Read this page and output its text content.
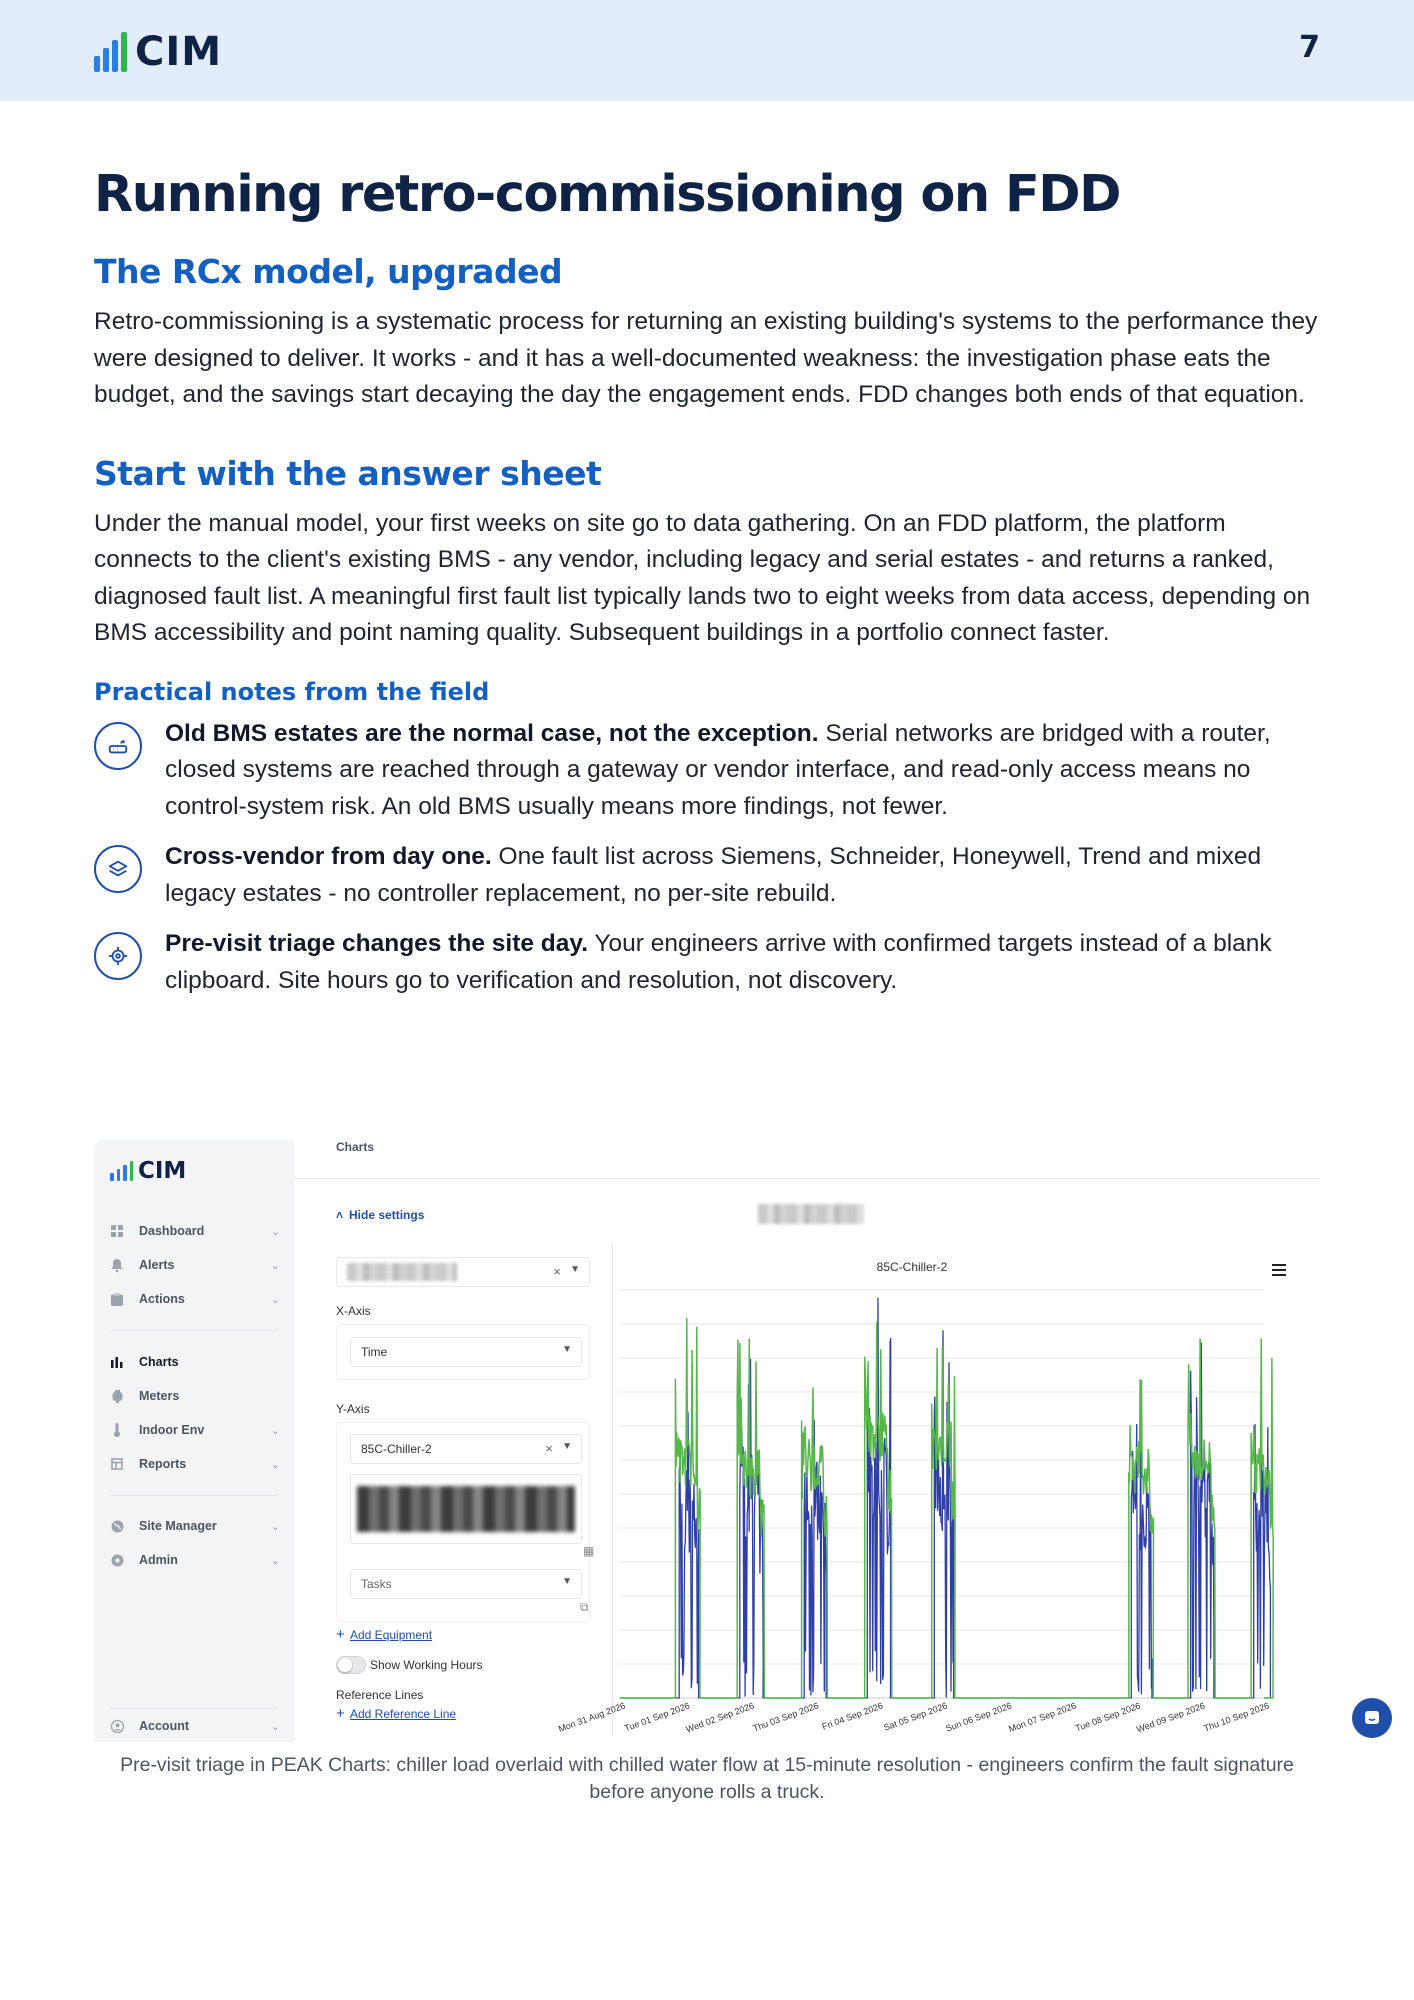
CIM	7
Running retro-commissioning on FDD
The RCx model, upgraded

Retro-commissioning is a systematic process for returning an existing building's systems to the performance they were designed to deliver. It works - and it has a well-documented weakness: the investigation phase eats the budget, and the savings start decaying the day the engagement ends. FDD changes both ends of that equation.

Start with the answer sheet

Under the manual model, your first weeks on site go to data gathering. On an FDD platform, the platform connects to the client's existing BMS - any vendor, including legacy and serial estates - and returns a ranked, diagnosed fault list. A meaningful first fault list typically lands two to eight weeks from data access, depending on BMS accessibility and point naming quality. Subsequent buildings in a portfolio connect faster.

Practical notes from the field

Old BMS estates are the normal case, not the exception. Serial networks are bridged with a router, closed systems are reached through a gateway or vendor interface, and read-only access means no control-system risk. An old BMS usually means more findings, not fewer.

Cross-vendor from day one. One fault list across Siemens, Schneider, Honeywell, Trend and mixed legacy estates - no controller replacement, no per-site rebuild.

Pre-visit triage changes the site day. Your engineers arrive with confirmed targets instead of a blank clipboard. Site hours go to verification and resolution, not discovery.

CIM
Dashboard	⌄
Alerts	⌄
Actions	⌄
Charts
Meters
Indoor Env	⌄
Reports	⌄
Site Manager	⌄
Admin	⌄
Account	⌄
Charts
˄ Hide settings
× ▼
X-Axis
Time	▼
Y-Axis
85C-Chiller-2	× ▼
▦
Tasks	▼
⧉
+ Add Equipment
Show Working Hours
Reference Lines
+ Add Reference Line
85C-Chiller-2
Mon 31 Aug 2026
Tue 01 Sep 2026
Wed 02 Sep 2026
Thu 03 Sep 2026 Fri 04 Sep 2026
Sat 05 Sep 2026
Sun 06 Sep 2026
Mon 07 Sep 2026
Tue 08 Sep 2026
Wed 09 Sep 2026
Thu 10 Sep 2026

Pre-visit triage in PEAK Charts: chiller load overlaid with chilled water flow at 15-minute resolution - engineers confirm the fault signature before anyone rolls a truck.
